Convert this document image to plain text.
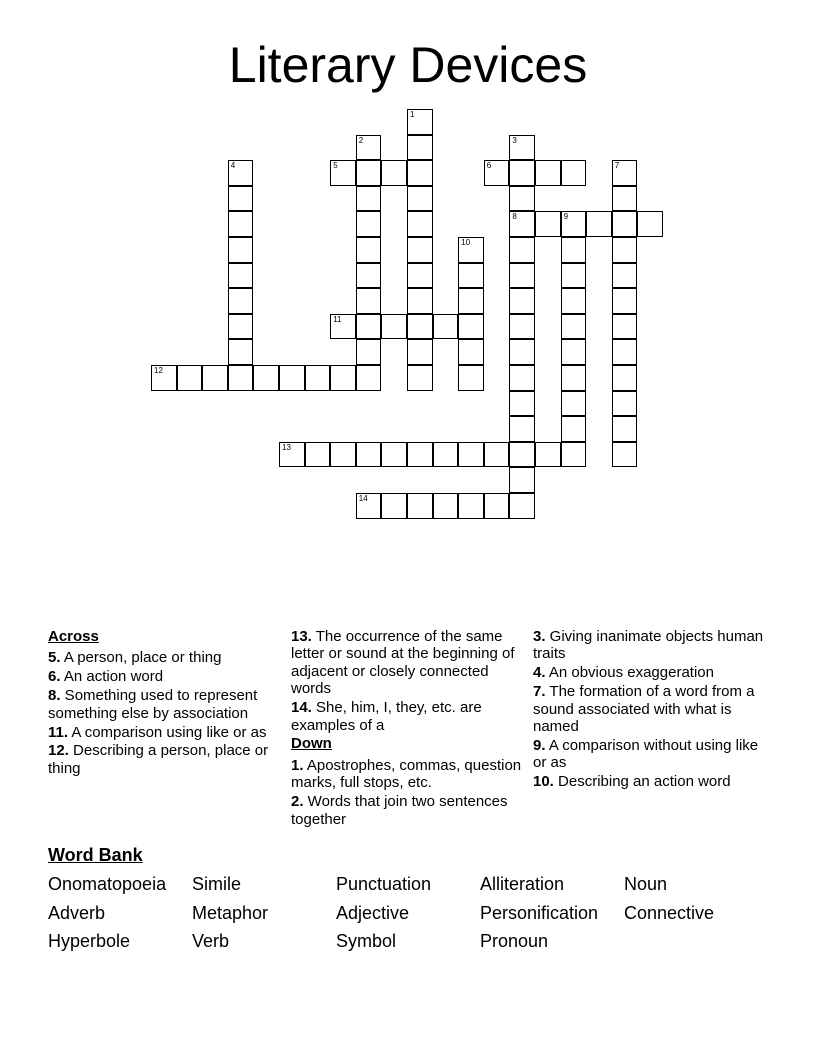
Literary Devices
1
2	3
8
4	5	6	7
9
10
11
12
13
14
Across
5. A person, place or thing
6. An action word
8. Something used to represent something else by association
11. A comparison using like or as
12. Describing a person, place or thing
13. The occurrence of the same letter or sound at the beginning of adjacent or closely connected words
14. She, him, I, they, etc. are examples of a
Down
1. Apostrophes, commas, question marks, full stops, etc.
2. Words that join two sentences together
3. Giving inanimate objects human traits
4. An obvious exaggeration
7. The formation of a word from a sound associated with what is named
9. A comparison without using like or as
10. Describing an action word
Word Bank
Onomatopoeia Simile	Punctuation	Alliteration	Noun
Adverb	Metaphor	Adjective	Personification Connective
Hyperbole	Verb	Symbol	Pronoun
